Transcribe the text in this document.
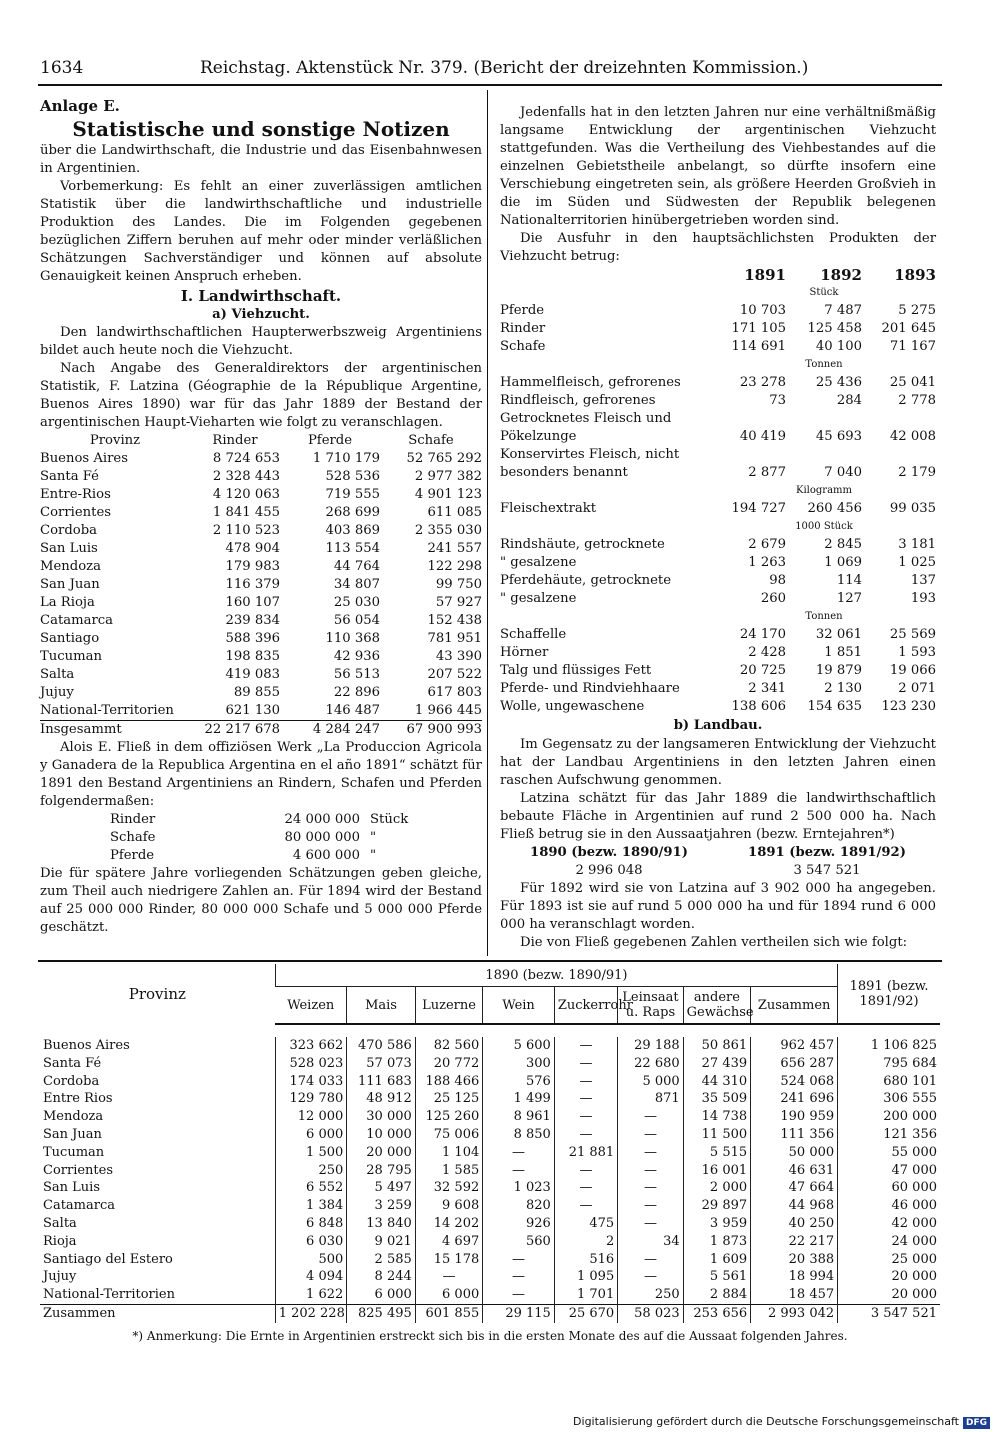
1634	Reichstag. Aktenstück Nr. 379. (Bericht der dreizehnten Kommission.)
Anlage E.
Statistische und sonstige Notizen

über die Landwirthschaft, die Industrie und das Eisenbahnwesen in Argentinien.

Vorbemerkung: Es fehlt an einer zuverlässigen amtlichen Statistik über die landwirthschaftliche und industrielle Produktion des Landes. Die im Folgenden gegebenen bezüglichen Ziffern beruhen auf mehr oder minder verläßlichen Schätzungen Sachverständiger und können auf absolute Genauigkeit keinen Anspruch erheben.

I. Landwirthschaft.
a) Viehzucht.

Den landwirthschaftlichen Haupterwerbszweig Argentiniens bildet auch heute noch die Viehzucht.

Nach Angabe des Generaldirektors der argentinischen Statistik, F. Latzina (Géographie de la République Argentine, Buenos Aires 1890) war für das Jahr 1889 der Bestand der argentinischen Haupt-Vieharten wie folgt zu veranschlagen.

Provinz	Rinder	Pferde	Schafe
Buenos Aires	8 724 653	1 710 179	52 765 292
Santa Fé	2 328 443	528 536	2 977 382
Entre-Rios	4 120 063	719 555	4 901 123
Corrientes	1 841 455	268 699	611 085
Cordoba	2 110 523	403 869	2 355 030
San Luis	478 904	113 554	241 557
Mendoza	179 983	44 764	122 298
San Juan	116 379	34 807	99 750
La Rioja	160 107	25 030	57 927
Catamarca	239 834	56 054	152 438
Santiago	588 396	110 368	781 951
Tucuman	198 835	42 936	43 390
Salta	419 083	56 513	207 522
Jujuy	89 855	22 896	617 803
National-Territorien	621 130	146 487	1 966 445
Insgesammt	22 217 678	4 284 247	67 900 993

Alois E. Fließ in dem offiziösen Werk „La Produccion Agricola y Ganadera de la Republica Argentina en el año 1891“ schätzt für 1891 den Bestand Argentiniens an Rindern, Schafen und Pferden folgendermaßen:

Rinder	24 000 000	Stück
Schafe	80 000 000	"
Pferde	4 600 000	"

Die für spätere Jahre vorliegenden Schätzungen geben gleiche, zum Theil auch niedrigere Zahlen an. Für 1894 wird der Bestand auf 25 000 000 Rinder, 80 000 000 Schafe und 5 000 000 Pferde geschätzt.

Jedenfalls hat in den letzten Jahren nur eine verhältnißmäßig langsame Entwicklung der argentinischen Viehzucht stattgefunden. Was die Vertheilung des Viehbestandes auf die einzelnen Gebietstheile anbelangt, so dürfte insofern eine Verschiebung eingetreten sein, als größere Heerden Großvieh in die im Süden und Südwesten der Republik belegenen Nationalterritorien hinübergetrieben worden sind.

Die Ausfuhr in den hauptsächlichsten Produkten der Viehzucht betrug:

	1891	1892	1893
		Stück	
Pferde	10 703	7 487	5 275
Rinder	171 105	125 458	201 645
Schafe	114 691	40 100	71 167
		Tonnen	
Hammelfleisch, gefrorenes	23 278	25 436	25 041
Rindfleisch, gefrorenes	73	284	2 778
Getrocknetes Fleisch und			
Pökelzunge	40 419	45 693	42 008
Konservirtes Fleisch, nicht			
besonders benannt	2 877	7 040	2 179
		Kilogramm	
Fleischextrakt	194 727	260 456	99 035
		1000 Stück	
Rindshäute, getrocknete	2 679	2 845	3 181
" gesalzene	1 263	1 069	1 025
Pferdehäute, getrocknete	98	114	137
" gesalzene	260	127	193
		Tonnen	
Schaffelle	24 170	32 061	25 569
Hörner	2 428	1 851	1 593
Talg und flüssiges Fett	20 725	19 879	19 066
Pferde- und Rindviehhaare	2 341	2 130	2 071
Wolle, ungewaschene	138 606	154 635	123 230
b) Landbau.

Im Gegensatz zu der langsameren Entwicklung der Viehzucht hat der Landbau Argentiniens in den letzten Jahren einen raschen Aufschwung genommen.

Latzina schätzt für das Jahr 1889 die landwirthschaftlich bebaute Fläche in Argentinien auf rund 2 500 000 ha. Nach Fließ betrug sie in den Aussaatjahren (bezw. Erntejahren*)

1890 (bezw. 1890/91)	1891 (bezw. 1891/92)
2 996 048	3 547 521

Für 1892 wird sie von Latzina auf 3 902 000 ha angegeben. Für 1893 ist sie auf rund 5 000 000 ha und für 1894 rund 6 000 000 ha veranschlagt worden.

Die von Fließ gegebenen Zahlen vertheilen sich wie folgt:

Provinz	1890 (bezw. 1890/91)								1891 (bezw. 1891/92)
	Weizen	Mais	Luzerne	Wein	Zuckerrohr	Leinsaat u. Raps	andere Gewächse	Zusammen	

Buenos Aires	323 662	470 586	82 560	5 600	—	29 188	50 861	962 457	1 106 825
Santa Fé	528 023	57 073	20 772	300	—	22 680	27 439	656 287	795 684
Cordoba	174 033	111 683	188 466	576	—	5 000	44 310	524 068	680 101
Entre Rios	129 780	48 912	25 125	1 499	—	871	35 509	241 696	306 555
Mendoza	12 000	30 000	125 260	8 961	—	—	14 738	190 959	200 000
San Juan	6 000	10 000	75 006	8 850	—	—	11 500	111 356	121 356
Tucuman	1 500	20 000	1 104	—	21 881	—	5 515	50 000	55 000
Corrientes	250	28 795	1 585	—	—	—	16 001	46 631	47 000
San Luis	6 552	5 497	32 592	1 023	—	—	2 000	47 664	60 000
Catamarca	1 384	3 259	9 608	820	—	—	29 897	44 968	46 000
Salta	6 848	13 840	14 202	926	475	—	3 959	40 250	42 000
Rioja	6 030	9 021	4 697	560	2	34	1 873	22 217	24 000
Santiago del Estero	500	2 585	15 178	—	516	—	1 609	20 388	25 000
Jujuy	4 094	8 244	—	—	1 095	—	5 561	18 994	20 000
National-Territorien	1 622	6 000	6 000	—	1 701	250	2 884	18 457	20 000
Zusammen	1 202 228	825 495	601 855	29 115	25 670	58 023	253 656	2 993 042	3 547 521
*) Anmerkung: Die Ernte in Argentinien erstreckt sich bis in die ersten Monate des auf die Aussaat folgenden Jahres.
Digitalisierung gefördert durch die Deutsche Forschungsgemeinschaft DFG
